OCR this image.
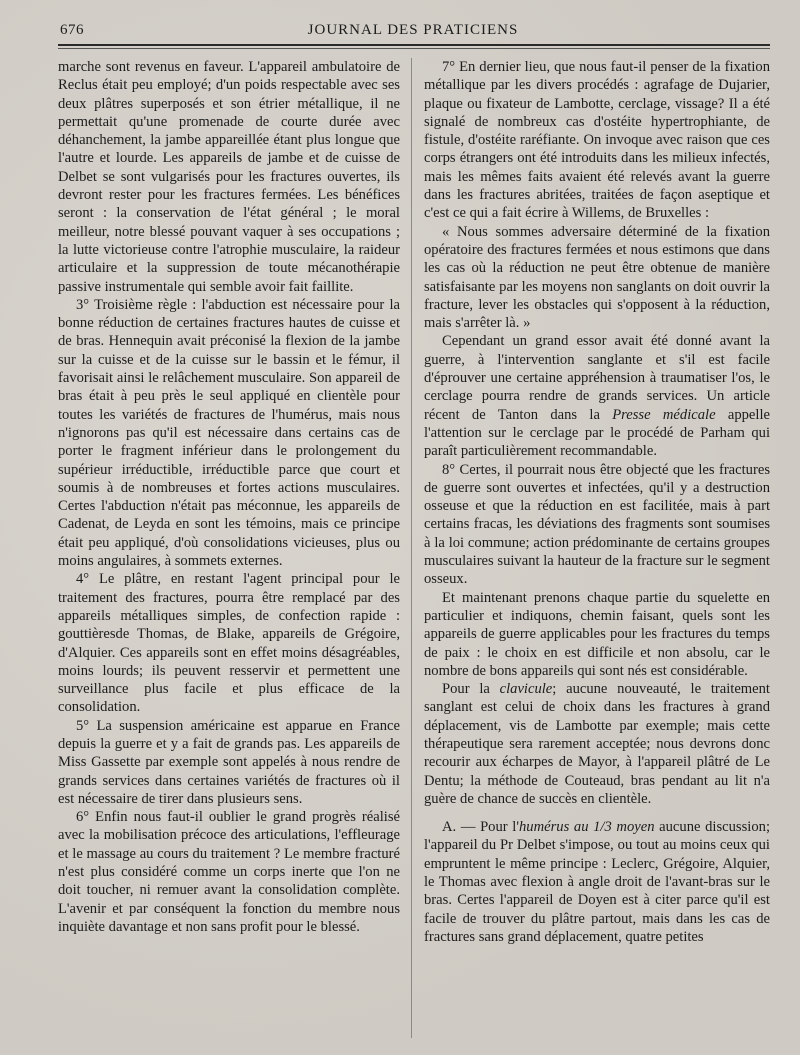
676	JOURNAL DES PRATICIENS

marche sont revenus en faveur. L'appareil ambulatoire de Reclus était peu employé; d'un poids respectable avec ses deux plâtres superposés et son étrier métallique, il ne permettait qu'une promenade de courte durée avec déhanchement, la jambe appareillée étant plus longue que l'autre et lourde. Les appareils de jambe et de cuisse de Delbet se sont vulgarisés pour les fractures ouvertes, ils devront rester pour les fractures fermées. Les bénéfices seront : la conservation de l'état général ; le moral meilleur, notre blessé pouvant vaquer à ses occupations ; la lutte victorieuse contre l'atrophie musculaire, la raideur articulaire et la suppression de toute mécanothérapie passive instrumentale qui semble avoir fait faillite.

3° Troisième règle : l'abduction est nécessaire pour la bonne réduction de certaines fractures hautes de cuisse et de bras. Hennequin avait préconisé la flexion de la jambe sur la cuisse et de la cuisse sur le bassin et le fémur, il favorisait ainsi le relâchement musculaire. Son appareil de bras était à peu près le seul appliqué en clientèle pour toutes les variétés de fractures de l'humérus, mais nous n'ignorons pas qu'il est nécessaire dans certains cas de porter le fragment inférieur dans le prolongement du supérieur irréductible, irréductible parce que court et soumis à de nombreuses et fortes actions musculaires. Certes l'abduction n'était pas méconnue, les appareils de Cadenat, de Leyda en sont les témoins, mais ce principe était peu appliqué, d'où consolidations vicieuses, plus ou moins angulaires, à sommets externes.

4° Le plâtre, en restant l'agent principal pour le traitement des fractures, pourra être remplacé par des appareils métalliques simples, de confection rapide : gouttièresde Thomas, de Blake, appareils de Grégoire, d'Alquier. Ces appareils sont en effet moins désagréables, moins lourds; ils peuvent resservir et permettent une surveillance plus facile et plus efficace de la consolidation.

5° La suspension américaine est apparue en France depuis la guerre et y a fait de grands pas. Les appareils de Miss Gassette par exemple sont appelés à nous rendre de grands services dans certaines variétés de fractures où il est nécessaire de tirer dans plusieurs sens.

6° Enfin nous faut-il oublier le grand progrès réalisé avec la mobilisation précoce des articulations, l'effleurage et le massage au cours du traitement ? Le membre fracturé n'est plus considéré comme un corps inerte que l'on ne doit toucher, ni remuer avant la consolidation complète. L'avenir et par conséquent la fonction du membre nous inquiète davantage et non sans profit pour le blessé.

7° En dernier lieu, que nous faut-il penser de la fixation métallique par les divers procédés : agrafage de Dujarier, plaque ou fixateur de Lambotte, cerclage, vissage? Il a été signalé de nombreux cas d'ostéite hypertrophiante, de fistule, d'ostéite raréfiante. On invoque avec raison que ces corps étrangers ont été introduits dans les milieux infectés, mais les mêmes faits avaient été relevés avant la guerre dans les fractures abritées, traitées de façon aseptique et c'est ce qui a fait écrire à Willems, de Bruxelles :

« Nous sommes adversaire déterminé de la fixation opératoire des fractures fermées et nous estimons que dans les cas où la réduction ne peut être obtenue de manière satisfaisante par les moyens non sanglants on doit ouvrir la fracture, lever les obstacles qui s'opposent à la réduction, mais s'arrêter là. »

Cependant un grand essor avait été donné avant la guerre, à l'intervention sanglante et s'il est facile d'éprouver une certaine appréhension à traumatiser l'os, le cerclage pourra rendre de grands services. Un article récent de Tanton dans la Presse médicale appelle l'attention sur le cerclage par le procédé de Parham qui paraît particulièrement recommandable.

8° Certes, il pourrait nous être objecté que les fractures de guerre sont ouvertes et infectées, qu'il y a destruction osseuse et que la réduction en est facilitée, mais à part certains fracas, les déviations des fragments sont soumises à la loi commune; action prédominante de certains groupes musculaires suivant la hauteur de la fracture sur le segment osseux.

Et maintenant prenons chaque partie du squelette en particulier et indiquons, chemin faisant, quels sont les appareils de guerre applicables pour les fractures du temps de paix : le choix en est difficile et non absolu, car le nombre de bons appareils qui sont nés est considérable.

Pour la clavicule; aucune nouveauté, le traitement sanglant est celui de choix dans les fractures à grand déplacement, vis de Lambotte par exemple; mais cette thérapeutique sera rarement acceptée; nous devrons donc recourir aux écharpes de Mayor, à l'appareil plâtré de Le Dentu; la méthode de Couteaud, bras pendant au lit n'a guère de chance de succès en clientèle.

A. — Pour l'humérus au 1/3 moyen aucune discussion; l'appareil du Pr Delbet s'impose, ou tout au moins ceux qui empruntent le même principe : Leclerc, Grégoire, Alquier, le Thomas avec flexion à angle droit de l'avant-bras sur le bras. Certes l'appareil de Doyen est à citer parce qu'il est facile de trouver du plâtre partout, mais dans les cas de fractures sans grand déplacement, quatre petites
